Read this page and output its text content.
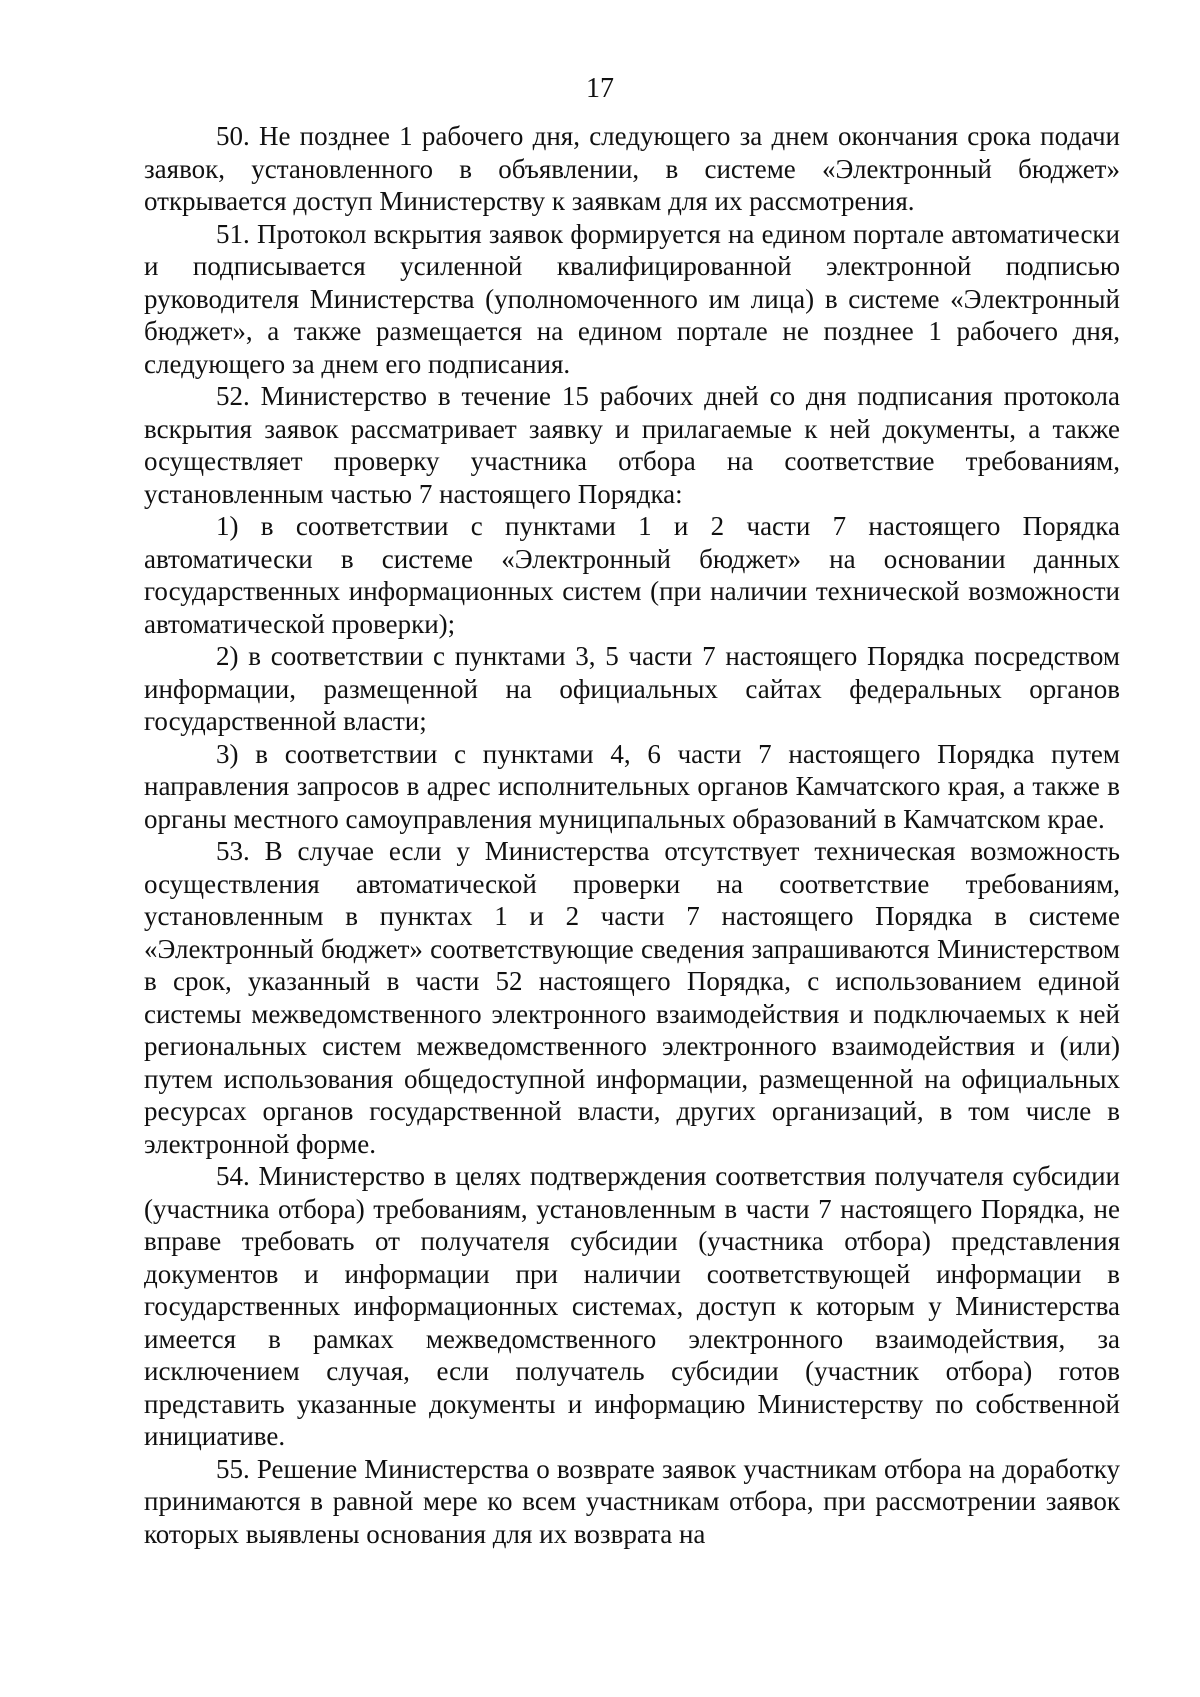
17

50. Не позднее 1 рабочего дня, следующего за днем окончания срока подачи заявок, установленного в объявлении, в системе «Электронный бюджет» открывается доступ Министерству к заявкам для их рассмотрения.

51. Протокол вскрытия заявок формируется на едином портале автоматически и подписывается усиленной квалифицированной электронной подписью руководителя Министерства (уполномоченного им лица) в системе «Электронный бюджет», а также размещается на едином портале не позднее 1 рабочего дня, следующего за днем его подписания.

52. Министерство в течение 15 рабочих дней со дня подписания протокола вскрытия заявок рассматривает заявку и прилагаемые к ней документы, а также осуществляет проверку участника отбора на соответствие требованиям, установленным частью 7 настоящего Порядка:

1) в соответствии с пунктами 1 и 2 части 7 настоящего Порядка автоматически в системе «Электронный бюджет» на основании данных государственных информационных систем (при наличии технической возможности автоматической проверки);

2) в соответствии с пунктами 3, 5 части 7 настоящего Порядка посредством информации, размещенной на официальных сайтах федеральных органов государственной власти;

3) в соответствии с пунктами 4, 6 части 7 настоящего Порядка путем направления запросов в адрес исполнительных органов Камчатского края, а также в органы местного самоуправления муниципальных образований в Камчатском крае.

53. В случае если у Министерства отсутствует техническая возможность осуществления автоматической проверки на соответствие требованиям, установленным в пунктах 1 и 2 части 7 настоящего Порядка в системе «Электронный бюджет» соответствующие сведения запрашиваются Министерством в срок, указанный в части 52 настоящего Порядка, с использованием единой системы межведомственного электронного взаимодействия и подключаемых к ней региональных систем межведомственного электронного взаимодействия и (или) путем использования общедоступной информации, размещенной на официальных ресурсах органов государственной власти, других организаций, в том числе в электронной форме.

54. Министерство в целях подтверждения соответствия получателя субсидии (участника отбора) требованиям, установленным в части 7 настоящего Порядка, не вправе требовать от получателя субсидии (участника отбора) представления документов и информации при наличии соответствующей информации в государственных информационных системах, доступ к которым у Министерства имеется в рамках межведомственного электронного взаимодействия, за исключением случая, если получатель субсидии (участник отбора) готов представить указанные документы и информацию Министерству по собственной инициативе.

55. Решение Министерства о возврате заявок участникам отбора на доработку принимаются в равной мере ко всем участникам отбора, при рассмотрении заявок которых выявлены основания для их возврата на
